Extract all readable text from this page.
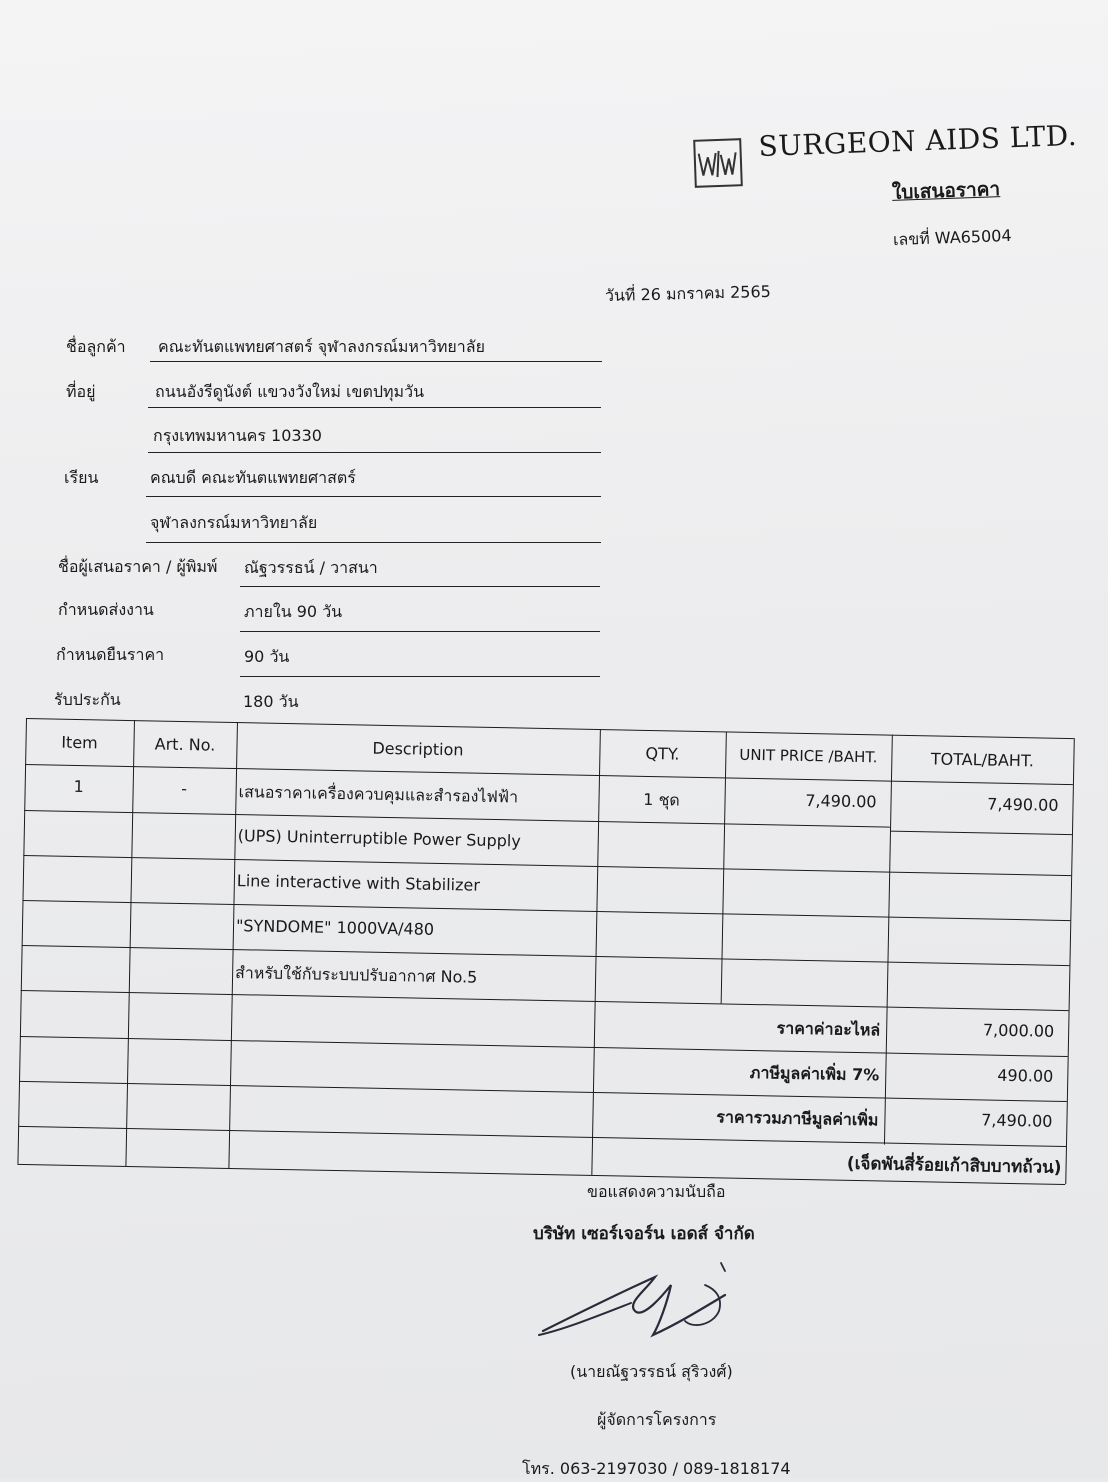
SURGEON AIDS LTD.
ใบเสนอราคา
เลขที่ WA65004
วันที่ 26 มกราคม 2565
ชื่อลูกค้า คณะทันตแพทยศาสตร์ จุฬาลงกรณ์มหาวิทยาลัย
ที่อยู่	ถนนอังรีดูนังต์ แขวงวังใหม่ เขตปทุมวัน
กรุงเทพมหานคร 10330
เรียน	คณบดี คณะทันตแพทยศาสตร์
จุฬาลงกรณ์มหาวิทยาลัย
ชื่อผู้เสนอราคา / ผู้พิมพ์ ณัฐวรรธน์ / วาสนา
กำหนดส่งงาน	ภายใน 90 วัน
กำหนดยืนราคา	90 วัน
รับประกัน	180 วัน
Item	Art. No.	Description	QTY.	UNIT PRICE /BAHT.	TOTAL/BAHT.
1	-	เสนอราคาเครื่องควบคุมและสำรองไฟฟ้า	1 ชุด	7,490.00	7,490.00
(UPS) Uninterruptible Power Supply
Line interactive with Stabilizer
"SYNDOME" 1000VA/480
สำหรับใช้กับระบบปรับอากาศ No.5
ราคาค่าอะไหล่	7,000.00
ภาษีมูลค่าเพิ่ม 7%	490.00
ราคารวมภาษีมูลค่าเพิ่ม	7,490.00
(เจ็ดพันสี่ร้อยเก้าสิบบาทถ้วน)
ขอแสดงความนับถือ
บริษัท เซอร์เจอร์น เอดส์ จำกัด
(นายณัฐวรรธน์ สุริวงศ์)
ผู้จัดการโครงการ
โทร. 063-2197030 / 089-1818174
